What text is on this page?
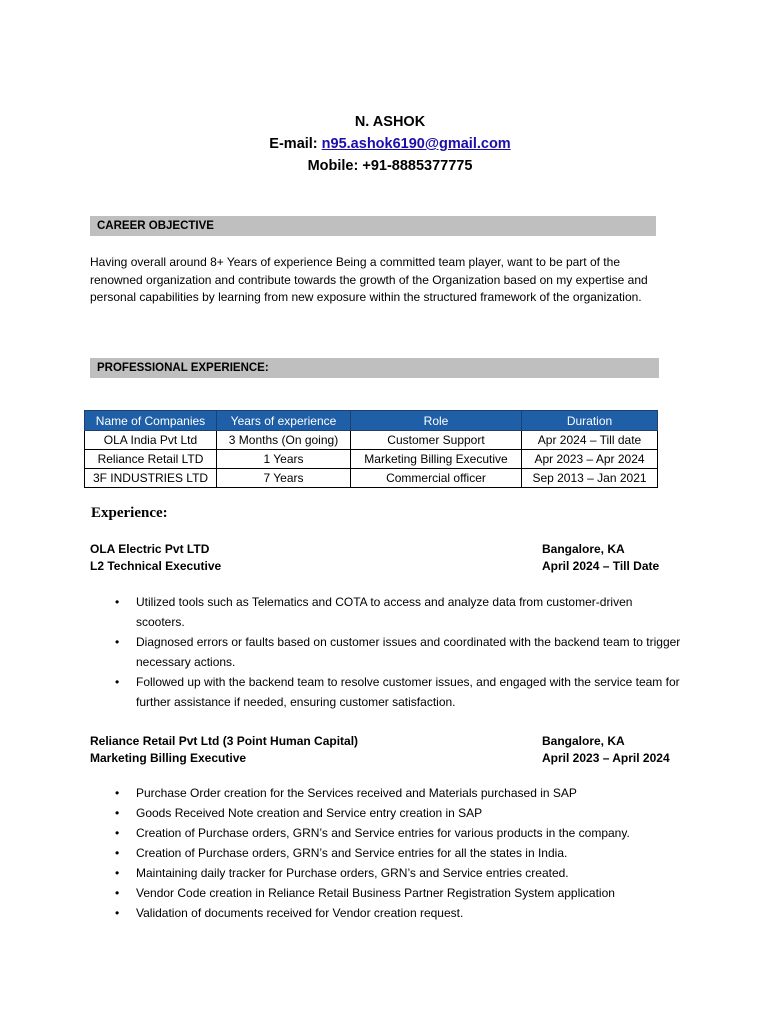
N. ASHOK
E-mail: n95.ashok6190@gmail.com
Mobile: +91-8885377775
CAREER OBJECTIVE
Having overall around 8+ Years of experience Being a committed team player, want to be part of the renowned organization and contribute towards the growth of the Organization based on my expertise and personal capabilities by learning from new exposure within the structured framework of the organization.
PROFESSIONAL EXPERIENCE:
Name of Companies	Years of experience	Role	Duration
OLA India Pvt Ltd	3 Months (On going)	Customer Support	Apr 2024 – Till date
Reliance Retail LTD	1 Years	Marketing Billing Executive	Apr 2023 – Apr 2024
3F INDUSTRIES LTD	7 Years	Commercial officer	Sep 2013 – Jan 2021
Experience:
OLA Electric Pvt LTD
L2 Technical Executive
Bangalore, KA
April 2024 – Till Date
• Utilized tools such as Telematics and COTA to access and analyze data from customer-driven scooters.
• Diagnosed errors or faults based on customer issues and coordinated with the backend team to trigger necessary actions.
• Followed up with the backend team to resolve customer issues, and engaged with the service team for further assistance if needed, ensuring customer satisfaction.
Reliance Retail Pvt Ltd (3 Point Human Capital)
Marketing Billing Executive
Bangalore, KA
April 2023 – April 2024
• Purchase Order creation for the Services received and Materials purchased in SAP
• Goods Received Note creation and Service entry creation in SAP
• Creation of Purchase orders, GRN’s and Service entries for various products in the company.
• Creation of Purchase orders, GRN’s and Service entries for all the states in India.
• Maintaining daily tracker for Purchase orders, GRN’s and Service entries created.
• Vendor Code creation in Reliance Retail Business Partner Registration System application
• Validation of documents received for Vendor creation request.
